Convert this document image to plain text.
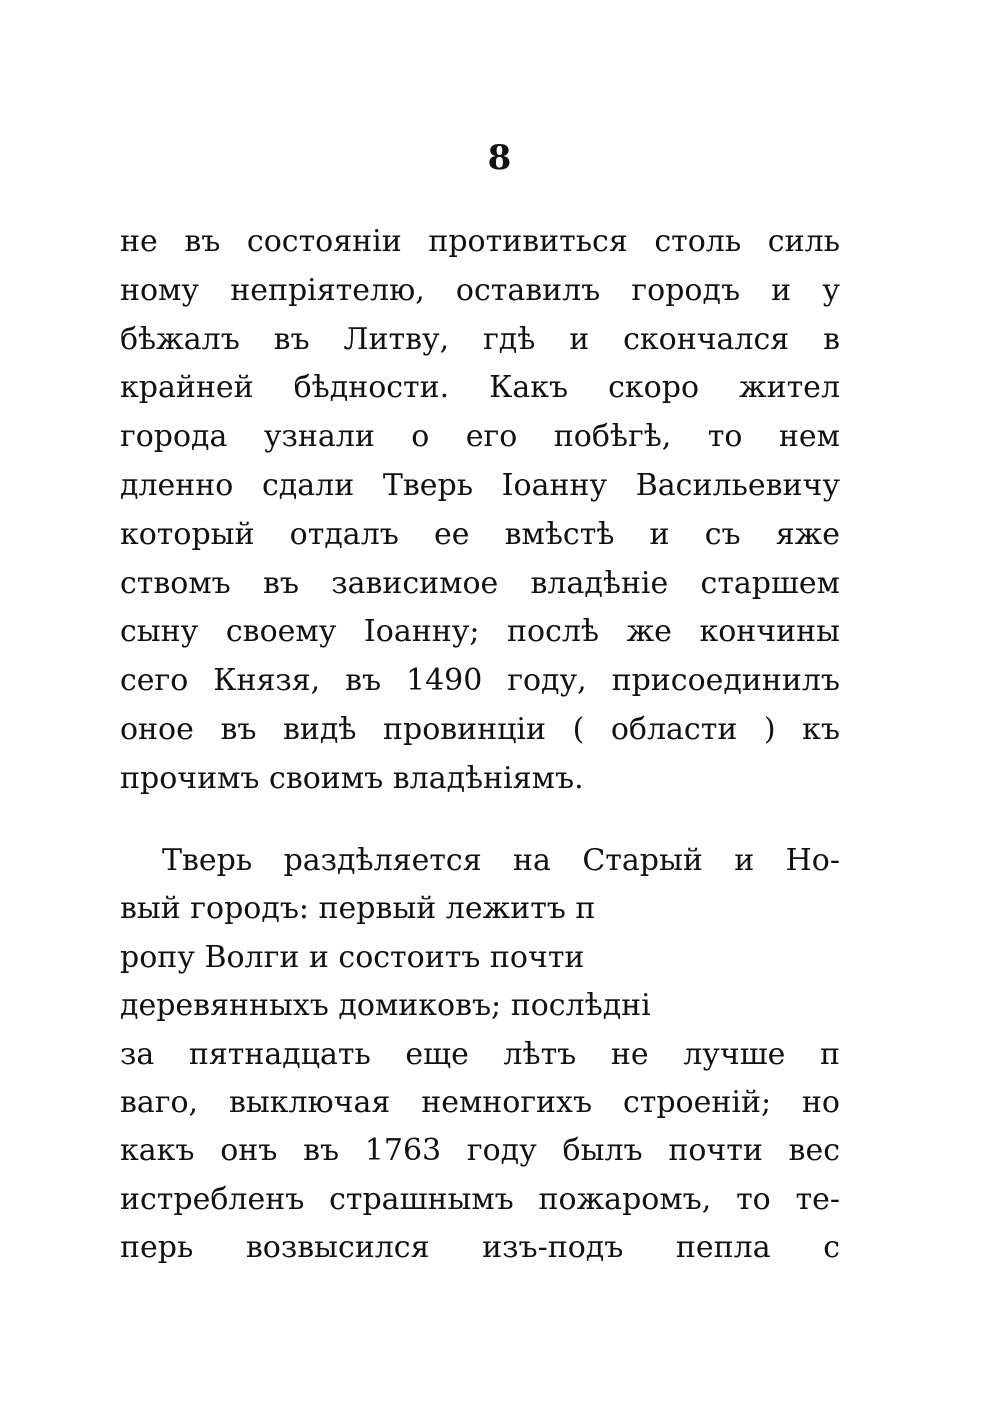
8
не въ состояніи противиться столь силь
ному непріятелю, оставилъ городъ и у
бѣжалъ въ Литву, гдѣ и скончался в
крайней бѣдности. Какъ скоро жител
города узнали о его побѣгѣ, то нем
дленно сдали Тверь Іоанну Васильевичу
который отдалъ ее вмѣстѣ и съ яже
ствомъ въ зависимое владѣніе старшем
сыну своему Іоанну; послѣ же кончины
сего Князя, въ 1490 году, присоединилъ
оное въ видѣ провинціи ( области ) къ
прочимъ своимъ владѣніямъ.
Тверь раздѣляется на Старый и Но-
вый городъ: первый лежитъ п
ропу Волги и состоитъ почти
деревянныхъ домиковъ; послѣдні
за пятнадцать еще лѣтъ не лучше п
ваго, выключая немногихъ строеній; но
какъ онъ въ 1763 году былъ почти вес
истребленъ страшнымъ пожаромъ, то те-
перь возвысился изъ-подъ пепла с
